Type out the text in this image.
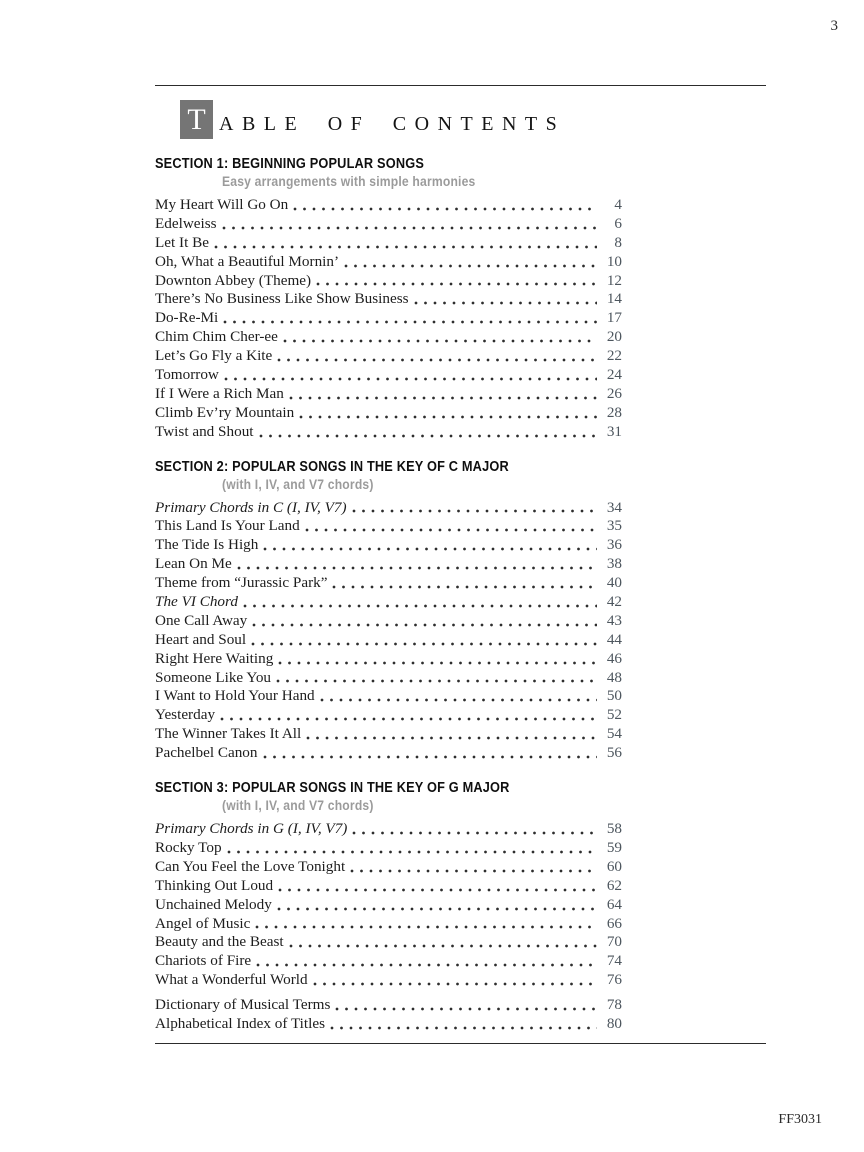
3
T ABLE OF CONTENTS
SECTION 1: BEGINNING POPULAR SONGS
Easy arrangements with simple harmonies
My Heart Will Go On	4
Edelweiss	6
Let It Be	8
Oh, What a Beautiful Mornin’	10
Downton Abbey (Theme)	12
There’s No Business Like Show Business	14
Do-Re-Mi	17
Chim Chim Cher-ee	20
Let’s Go Fly a Kite	22
Tomorrow	24
If I Were a Rich Man	26
Climb Ev’ry Mountain	28
Twist and Shout	31
SECTION 2: POPULAR SONGS IN THE KEY OF C MAJOR
(with I, IV, and V7 chords)
Primary Chords in C (I, IV, V7)	34
This Land Is Your Land	35
The Tide Is High	36
Lean On Me	38
Theme from “Jurassic Park”	40
The VI Chord	42
One Call Away	43
Heart and Soul	44
Right Here Waiting	46
Someone Like You	48
I Want to Hold Your Hand	50
Yesterday	52
The Winner Takes It All	54
Pachelbel Canon	56
SECTION 3: POPULAR SONGS IN THE KEY OF G MAJOR
(with I, IV, and V7 chords)
Primary Chords in G (I, IV, V7)	58
Rocky Top	59
Can You Feel the Love Tonight	60
Thinking Out Loud	62
Unchained Melody	64
Angel of Music	66
Beauty and the Beast	70
Chariots of Fire	74
What a Wonderful World	76
Dictionary of Musical Terms	78
Alphabetical Index of Titles	80
FF3031
